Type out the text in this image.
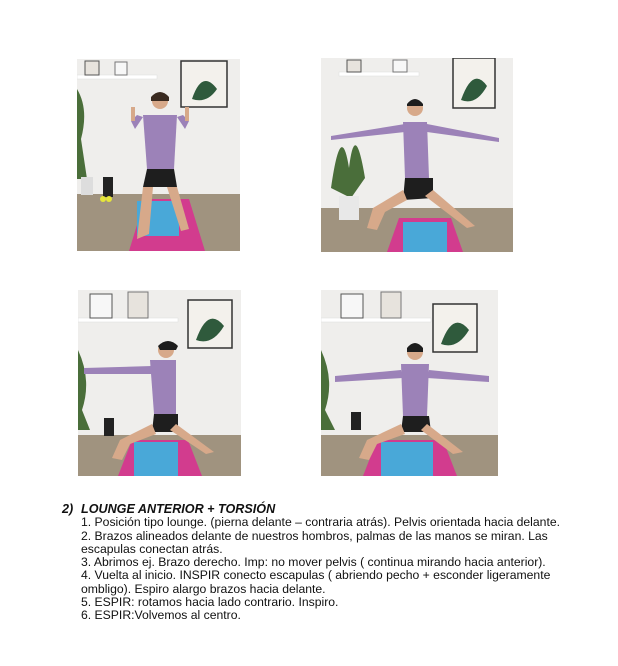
2) LOUNGE ANTERIOR + TORSIÓN

1. Posición tipo lounge. (pierna delante – contraria atrás). Pelvis orientada hacia delante.

2. Brazos alineados delante de nuestros hombros, palmas de las manos se miran. Las escapulas conectan atrás.

3. Abrimos ej. Brazo derecho. Imp: no mover pelvis ( continua mirando hacia anterior).

4. Vuelta al inicio. INSPIR conecto escapulas ( abriendo pecho + esconder ligeramente ombligo). Espiro alargo brazos hacia delante.

5. ESPIR: rotamos hacia lado contrario. Inspiro.

6. ESPIR:Volvemos al centro.
